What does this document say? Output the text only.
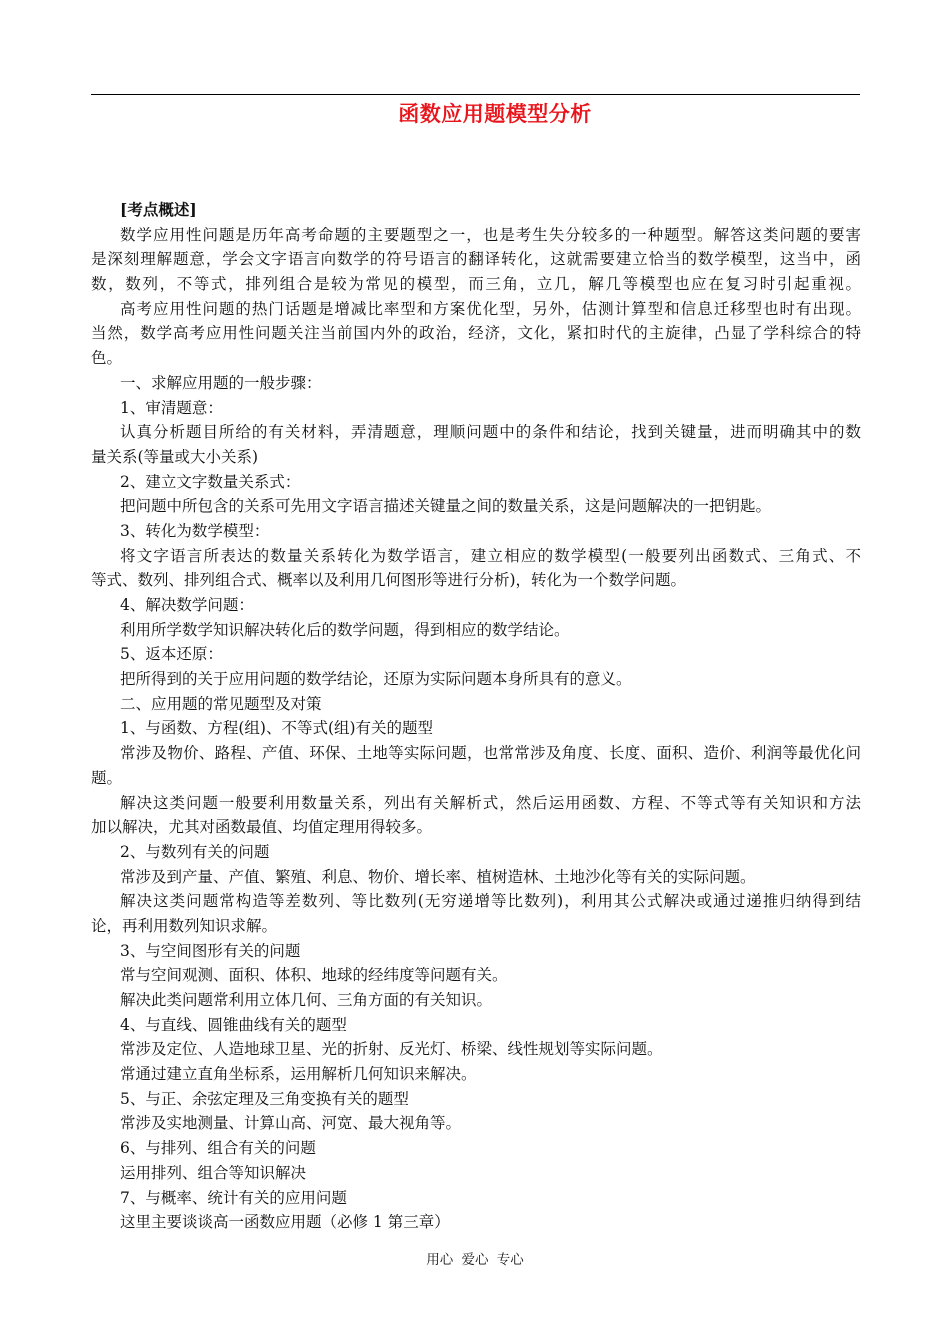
函数应用题模型分析
[考点概述]
数学应用性问题是历年高考命题的主要题型之一，也是考生失分较多的一种题型。解答这类问题的要害
是深刻理解题意，学会文字语言向数学的符号语言的翻译转化，这就需要建立恰当的数学模型，这当中，函
数，数列，不等式，排列组合是较为常见的模型，而三角，立几，解几等模型也应在复习时引起重视。
高考应用性问题的热门话题是增减比率型和方案优化型，另外，估测计算型和信息迁移型也时有出现。
当然，数学高考应用性问题关注当前国内外的政治，经济，文化，紧扣时代的主旋律，凸显了学科综合的特
色。
一、求解应用题的一般步骤：
1、审清题意：
认真分析题目所给的有关材料，弄清题意，理顺问题中的条件和结论，找到关键量，进而明确其中的数
量关系(等量或大小关系)
2、建立文字数量关系式：
把问题中所包含的关系可先用文字语言描述关键量之间的数量关系，这是问题解决的一把钥匙。
3、转化为数学模型：
将文字语言所表达的数量关系转化为数学语言，建立相应的数学模型(一般要列出函数式、三角式、不
等式、数列、排列组合式、概率以及利用几何图形等进行分析)，转化为一个数学问题。
4、解决数学问题：
利用所学数学知识解决转化后的数学问题，得到相应的数学结论。
5、返本还原：
把所得到的关于应用问题的数学结论，还原为实际问题本身所具有的意义。
二、应用题的常见题型及对策
1、与函数、方程(组)、不等式(组)有关的题型
常涉及物价、路程、产值、环保、土地等实际问题，也常常涉及角度、长度、面积、造价、利润等最优化问
题。
解决这类问题一般要利用数量关系，列出有关解析式，然后运用函数、方程、不等式等有关知识和方法
加以解决，尤其对函数最值、均值定理用得较多。
2、与数列有关的问题
常涉及到产量、产值、繁殖、利息、物价、增长率、植树造林、土地沙化等有关的实际问题。
解决这类问题常构造等差数列、等比数列(无穷递增等比数列)，利用其公式解决或通过递推归纳得到结
论，再利用数列知识求解。
3、与空间图形有关的问题
常与空间观测、面积、体积、地球的经纬度等问题有关。
解决此类问题常利用立体几何、三角方面的有关知识。
4、与直线、圆锥曲线有关的题型
常涉及定位、人造地球卫星、光的折射、反光灯、桥梁、线性规划等实际问题。
常通过建立直角坐标系，运用解析几何知识来解决。
5、与正、余弦定理及三角变换有关的题型
常涉及实地测量、计算山高、河宽、最大视角等。
6、与排列、组合有关的问题
运用排列、组合等知识解决
7、与概率、统计有关的应用问题
这里主要谈谈高一函数应用题（必修 1 第三章）
用心 爱心 专心
